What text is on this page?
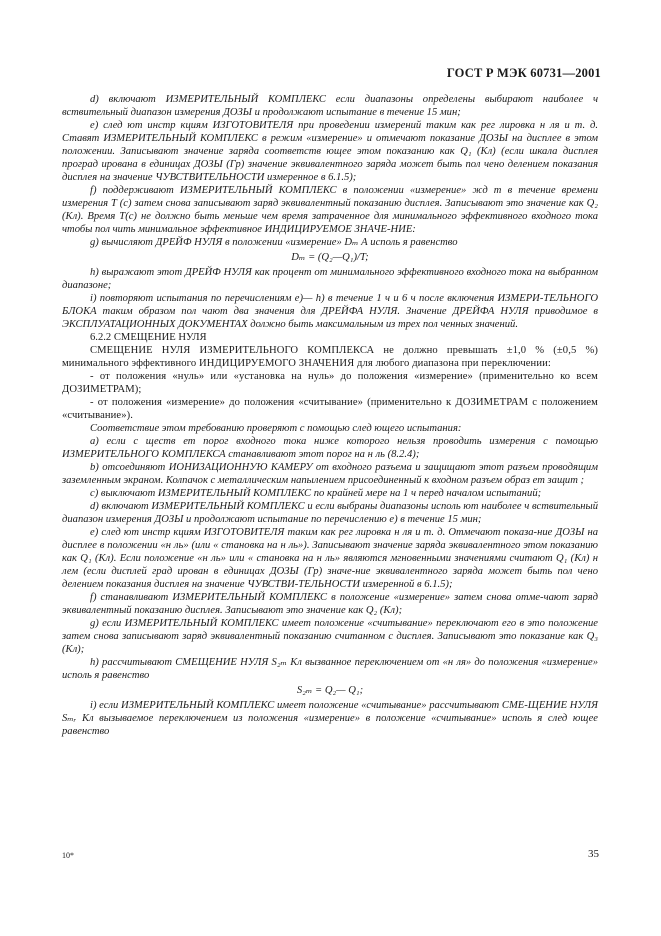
ГОСТ Р МЭК 60731—2001

d) включают ИЗМЕРИТЕЛЬНЫЙ КОМПЛЕКС если диапазоны определены выбирают наиболее ч вствительный диапазон измерения ДОЗЫ и продолжают испытание в течение 15 мин;

е) след ют инстр кциям ИЗГОТОВИТЕЛЯ при проведении измерений таким как рег лировка н ля и т. д. Ставят ИЗМЕРИТЕЛЬНЫЙ КОМПЛЕКС в режим «измерение» и отмечают показание ДОЗЫ на дисплее в этом положении. Записывают значение заряда соответств ющее этом показанию как Q₁ (Кл) (если шкала дисплея проград ирована в единицах ДОЗЫ (Гр) значение эквивалентного заряда может быть пол чено делением показания дисплея на значение ЧУВСТВИТЕЛЬНОСТИ измеренное в 6.1.5);

f) поддерживают ИЗМЕРИТЕЛЬНЫЙ КОМПЛЕКС в положении «измерение» жд т в течение времени измерения Т (с) затем снова записывают заряд эквивалентный показанию дисплея. Записывают это значение как Q₂ (Кл). Время Т(с) не должно быть меньше чем время затраченное для минимального эффективного входного тока чтобы пол чить минимальное эффективное ИНДИЦИРУЕМОЕ ЗНАЧЕ-НИЕ:

g) вычисляют ДРЕЙФ НУЛЯ в положении «измерение» Dₘ А исполь я равенство

Dₘ = (Q₂—Q₁)/T;

h) выражают этот ДРЕЙФ НУЛЯ как процент от минимального эффективного входного тока на выбранном диапазоне;

i) повторяют испытания по перечислениям е)— h) в течение 1 ч и 6 ч после включения ИЗМЕРИ-ТЕЛЬНОГО БЛОКА таким образом пол чают два значения для ДРЕЙФА НУЛЯ. Значение ДРЕЙФА НУЛЯ приводимое в ЭКСПЛУАТАЦИОННЫХ ДОКУМЕНТАХ должно быть максимальным из трех пол ченных значений.

6.2.2 СМЕЩЕНИЕ НУЛЯ

СМЕЩЕНИЕ НУЛЯ ИЗМЕРИТЕЛЬНОГО КОМПЛЕКСА не должно превышать ±1,0 % (±0,5 %) минимального эффективного ИНДИЦИРУЕМОГО ЗНАЧЕНИЯ для любого диапазона при переключении:

- от положения «нуль» или «установка на нуль» до положения «измерение» (применительно ко всем ДОЗИМЕТРАМ);

- от положения «измерение» до положения «считывание» (применительно к ДОЗИМЕТРАМ с положением «считывание»).

Соответствие этом требованию проверяют с помощью след ющего испытания:

а) если с ществ ет порог входного тока ниже которого нельзя проводить измерения с помощью ИЗМЕРИТЕЛЬНОГО КОМПЛЕКСА станавливают этот порог на н ль (8.2.4);

b) отсоединяют ИОНИЗАЦИОННУЮ КАМЕРУ от входного разъема и защищают этот разъем проводящим заземленным экраном. Колпачок с металлическим напылением присоединенный к входном разъем образ ет защит ;

с) выключают ИЗМЕРИТЕЛЬНЫЙ КОМПЛЕКС по крайней мере на 1 ч перед началом испытаний;

d) включают ИЗМЕРИТЕЛЬНЫЙ КОМПЛЕКС и если выбраны диапазоны исполь ют наиболее ч вствительный диапазон измерения ДОЗЫ и продолжают испытание по перечислению е) в течение 15 мин;

е) след ют инстр кциям ИЗГОТОВИТЕЛЯ таким как рег лировка н ля и т. д. Отмечают показа-ние ДОЗЫ на дисплее в положении «н ль» (или « становка на н ль»). Записывают значение заряда эквивалентного этом показанию как Q₁ (Кл). Если положение «н ль» или « становка на н ль» являются мгновенными значениями считают Q₁ (Кл) н лем (если дисплей град ирован в единицах ДОЗЫ (Гр) значе-ние эквивалентного заряда может быть пол чено делением показания дисплея на значение ЧУВСТВИ-ТЕЛЬНОСТИ измеренной в 6.1.5);

f) станавливают ИЗМЕРИТЕЛЬНЫЙ КОМПЛЕКС в положение «измерение» затем снова отме-чают заряд эквивалентный показанию дисплея. Записывают это значение как Q₂ (Кл);

g) если ИЗМЕРИТЕЛЬНЫЙ КОМПЛЕКС имеет положение «считывание» переключают его в это положение затем снова записывают заряд эквивалентный показанию считанном с дисплея. Записывают это показание как Q₃ (Кл);

h) рассчитывают СМЕЩЕНИЕ НУЛЯ S₂ₘ Кл вызванное переключением от «н ля» до положения «измерение» исполь я равенство

S₂ₘ = Q₂— Q₁;

i) если ИЗМЕРИТЕЛЬНЫЙ КОМПЛЕКС имеет положение «считывание» рассчитывают СМЕ-ЩЕНИЕ НУЛЯ Sₘᵣ Кл вызываемое переключением из положения «измерение» в положение «считывание» исполь я след ющее равенство

10*	35
